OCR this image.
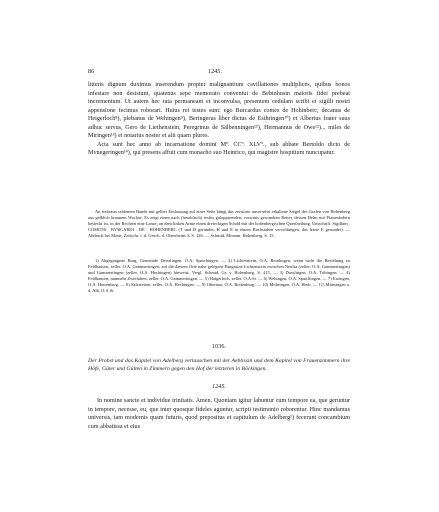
86	1245.

litteris dignum duximus inserendum propter malignantium cavillationes multiplices, quibus bonos infestare non desistunt, quatenus sepe memorato conventui de Bebinhusin maioris fidei prebeat incrementum. Ut autem hec rata permaneant et inconvulsa, presentem cedulam scribi et sigilli nostri appensione fecimus roborari. Huius rei testes sunt: ego Burcardus comes de Hohinberc, decanus de Heigerloch⁸), plebanus de Wehingen⁹), Beringerus liber dictus de Esthringen¹⁰) et Albertus frater suus adhuc servus, Gero de Liethenstein, Peregrinus de Sälbenningen¹¹), Hermannus de Owe¹²)... miles de Miringen¹³) et notarius noster et alii quam plures.

Acta sunt hec anno ab incarnatione domini Mº. CCº. XLVº., sub abbate Bertoldo dicto de Mvnegeringen¹⁴), qui presens affuit cum monacho suo Heinrico, qui magistre hospitium nuncupatur.

An rotbraun seidenem Bande mit gelber Einfassung auf einer Seite hängt das zerstörte unversehrt erhaltene Siegel des Grafen von Hohenberg aus gelblich braunem Wachse. Es zeigt einen nach (heraldisch) rechts galoppirenden, vorwärts gewandten Reiter, dessen Helm mit Pfauenfedern besteckt ist, in der Rechten eine Lanze, an dem linken Arme einen dreieckigen Schild mit der hohenbergischen Quertheilung. Umschrift: Sigillum . COMITIS . BVRCARDI . DE . HOHENBERC (T und D gerundet, H und E in einem Buchstaben verschlungen, das letzte E gerundet). — Abdruck bei Mone, Zeitschr. f. d. Gesch. d. Oberrheins 3. S. 126. — Schmid, Monum. Hohenberg. S. 15.

1) Abgegangene Burg, Gemeinde Deisslingen, O.A. Spaichingen. — 2) Lichtenstein, O.A. Reutlingen, wenn nicht die Beziehung zu Feldhausen, zeller. O.A. Gammertingen, auf die diesem Orte nahe gelegene Burgruine Lichtenstein zwischen Neufra (zeller. O.A. Gammertingen) und Gammertingen (zeller. O.A. Hechingen) hinweist. Vergl. Schmid, Gr. v. Hohenberg, S. 415. — 3) Dusslingen, O.A. Tübingen. — 4) Feldhausen, nunmehr Zwiefalten, zeller. O.A. Gammertingen. — 5) Haigerloch, zeller. O.A.St. — 6) Wehingen, O.A. Spaichingen. — 7) Erzingen, O.A. Herrenberg. — 8) Salzstetten, zeller. O.A. Hechingen. — 9) Obernau, O.A. Rottenburg. — 10) Möhringen, O.A. Horb. — 11) Münsingen a. d. Alb, O.A.St.

1036.

Der Probst und das Kapitel von Adelberg vertauschen mit der Aebtissin und dem Kapitel von Frauenzimmern ihre Höfe, Güter und Gülten in Zimmern gegen den Hof der letzteren in Böckingen.

1245.

In nomine sancte et individue trinitatis. Amen. Quoniam igitur labuntur cum tempore ea, que geruntur in tempore, necesse, eu, que inter quosque fideles aguntur, scripti testimonio roborentur. Hinc mandamus universis, tam modernis quam futuris, quod prepositus et capitulum de Adelberg¹) fecerunt concambium cum abbatissa et eius
